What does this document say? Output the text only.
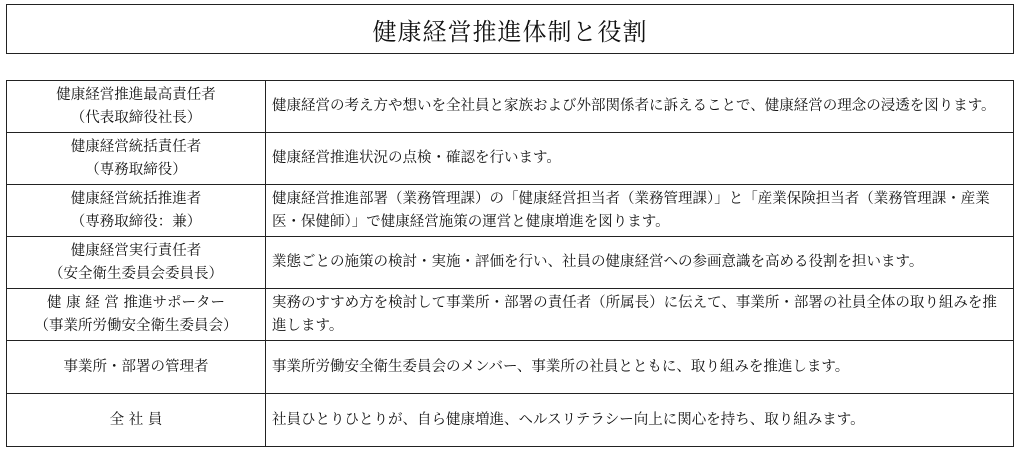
健康経営推進体制と役割
健康経営推進最高責任者
（代表取締役社長）	健康経営の考え方や想いを全社員と家族および外部関係者に訴えることで、健康経営の理念の浸透を図ります。

健康経営統括責任者
（専務取締役）	健康経営推進状況の点検・確認を行います。

健康経営統括推進者
（専務取締役：兼）	健康経営推進部署（業務管理課）の「健康経営担当者（業務管理課）」と「産業保険担当者（業務管理課・産業医・保健師）」で健康経営施策の運営と健康増進を図ります。

健康経営実行責任者
（安全衛生委員会委員長）	業態ごとの施策の検討・実施・評価を行い、社員の健康経営への参画意識を高める役割を担います。

健 康 経 営 推進サポーター
（事業所労働安全衛生委員会）	実務のすすめ方を検討して事業所・部署の責任者（所属長）に伝えて、事業所・部署の社員全体の取り組みを推進します。

事業所・部署の管理者	事業所労働安全衛生委員会のメンバー、事業所の社員とともに、取り組みを推進します。

全 社 員	社員ひとりひとりが、自ら健康増進、ヘルスリテラシー向上に関心を持ち、取り組みます。
